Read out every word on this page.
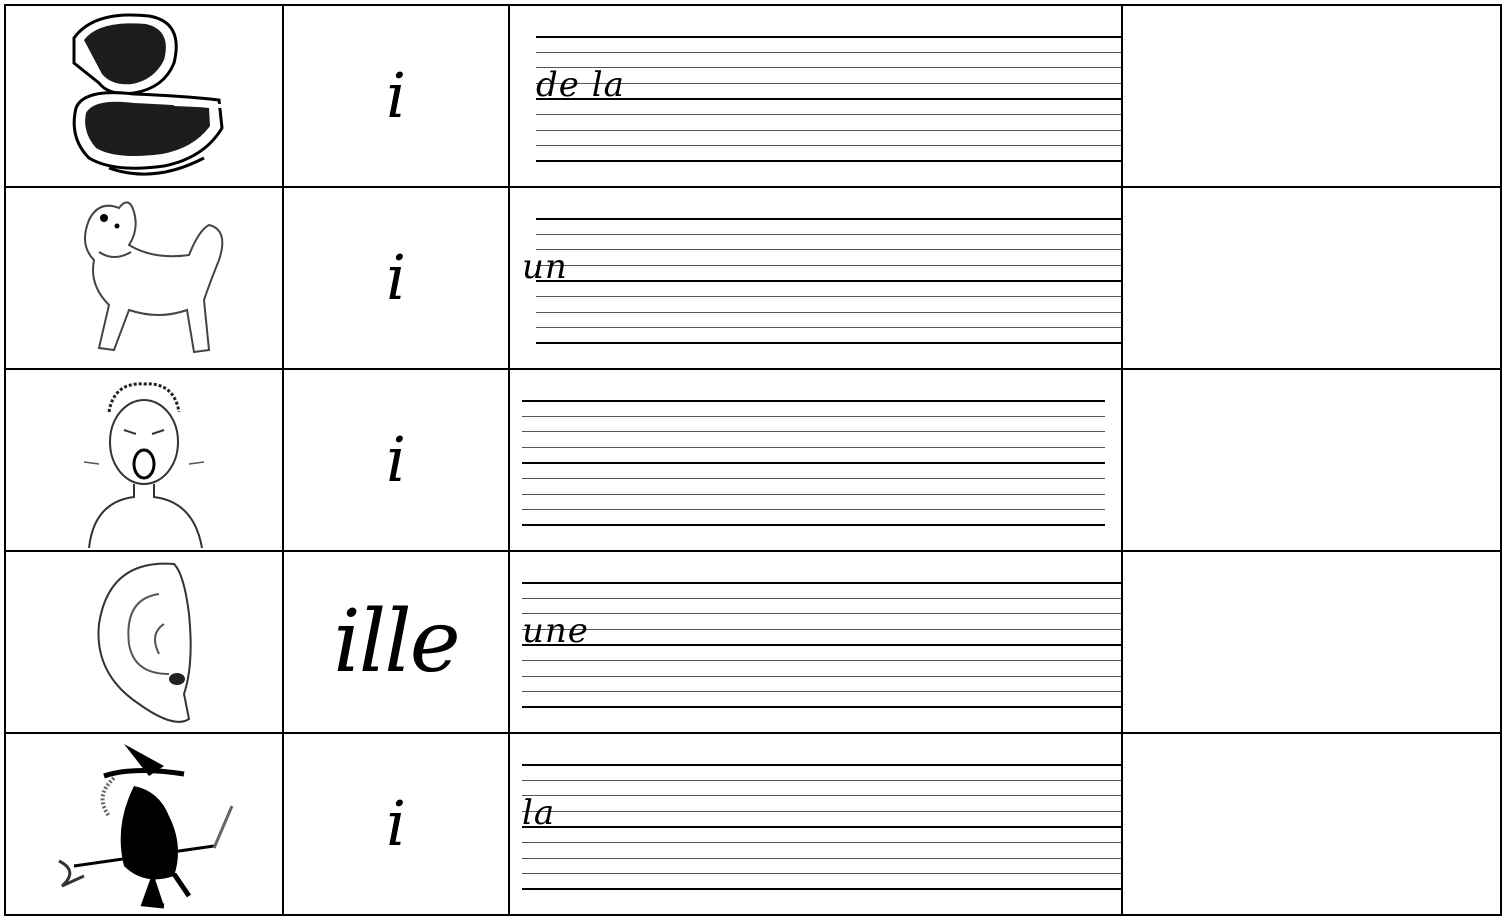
i	de la	

i	un	

i		

ille	une	

i	la	
